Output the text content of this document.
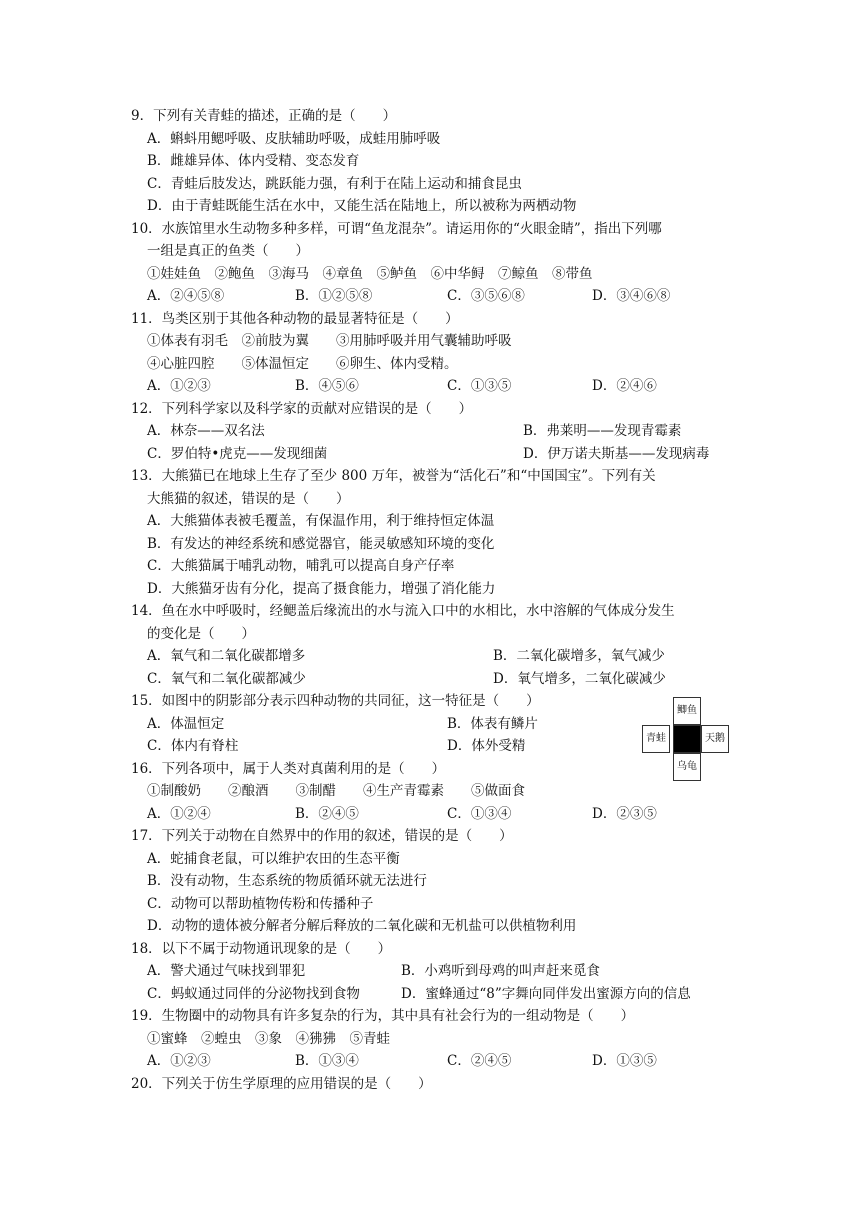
9．下列有关青蛙的描述，正确的是（　　）
A．蝌蚪用鳃呼吸、皮肤辅助呼吸，成蛙用肺呼吸
B．雌雄异体、体内受精、变态发育
C．青蛙后肢发达，跳跃能力强，有利于在陆上运动和捕食昆虫
D．由于青蛙既能生活在水中，又能生活在陆地上，所以被称为两栖动物
10．水族馆里水生动物多种多样，可谓“鱼龙混杂”。请运用你的“火眼金睛”，指出下列哪
一组是真正的鱼类（　　）
①娃娃鱼　②鲍鱼　③海马　④章鱼　⑤鲈鱼　⑥中华鲟　⑦鲸鱼　⑧带鱼
A．②④⑤⑧	B．①②⑤⑧	C．③⑤⑥⑧	D．③④⑥⑧
11．鸟类区别于其他各种动物的最显著特征是（　　）
①体表有羽毛　②前肢为翼　　③用肺呼吸并用气囊辅助呼吸
④心脏四腔　　⑤体温恒定　　⑥卵生、体内受精。
A．①②③	B．④⑤⑥	C．①③⑤	D．②④⑥
12．下列科学家以及科学家的贡献对应错误的是（　　）
A．林奈——双名法	B．弗莱明——发现青霉素
C．罗伯特•虎克——发现细菌	D．伊万诺夫斯基——发现病毒
13．大熊猫已在地球上生存了至少 800 万年，被誉为“活化石”和“中国国宝”。下列有关
大熊猫的叙述，错误的是（　　）
A．大熊猫体表被毛覆盖，有保温作用，利于维持恒定体温
B．有发达的神经系统和感觉器官，能灵敏感知环境的变化
C．大熊猫属于哺乳动物，哺乳可以提高自身产仔率
D．大熊猫牙齿有分化，提高了摄食能力，增强了消化能力
14．鱼在水中呼吸时，经鳃盖后缘流出的水与流入口中的水相比，水中溶解的气体成分发生
的变化是（　　）
A．氧气和二氧化碳都增多	B．二氧化碳增多，氧气减少
C．氧气和二氧化碳都减少	D．氧气增多，二氧化碳减少
15．如图中的阴影部分表示四种动物的共同征，这一特征是（　　）
A．体温恒定	B．体表有鳞片
C．体内有脊柱	D．体外受精
鲫鱼
青蛙	天鹅
乌龟
16．下列各项中，属于人类对真菌利用的是（　　）
①制酸奶　　②酿酒　　③制醋　　④生产青霉素　　⑤做面食
A．①②④	B．②④⑤	C．①③④	D．②③⑤
17．下列关于动物在自然界中的作用的叙述，错误的是（　　）
A．蛇捕食老鼠，可以维护农田的生态平衡
B．没有动物，生态系统的物质循环就无法进行
C．动物可以帮助植物传粉和传播种子
D．动物的遗体被分解者分解后释放的二氧化碳和无机盐可以供植物利用
18．以下不属于动物通讯现象的是（　　）
A．警犬通过气味找到罪犯	B．小鸡听到母鸡的叫声赶来觅食
C．蚂蚁通过同伴的分泌物找到食物	D．蜜蜂通过“8”字舞向同伴发出蜜源方向的信息
19．生物圈中的动物具有许多复杂的行为，其中具有社会行为的一组动物是（　　）
①蜜蜂　②蝗虫　③象　④狒狒　⑤青蛙
A．①②③	B．①③④	C．②④⑤	D．①③⑤
20．下列关于仿生学原理的应用错误的是（　　）
